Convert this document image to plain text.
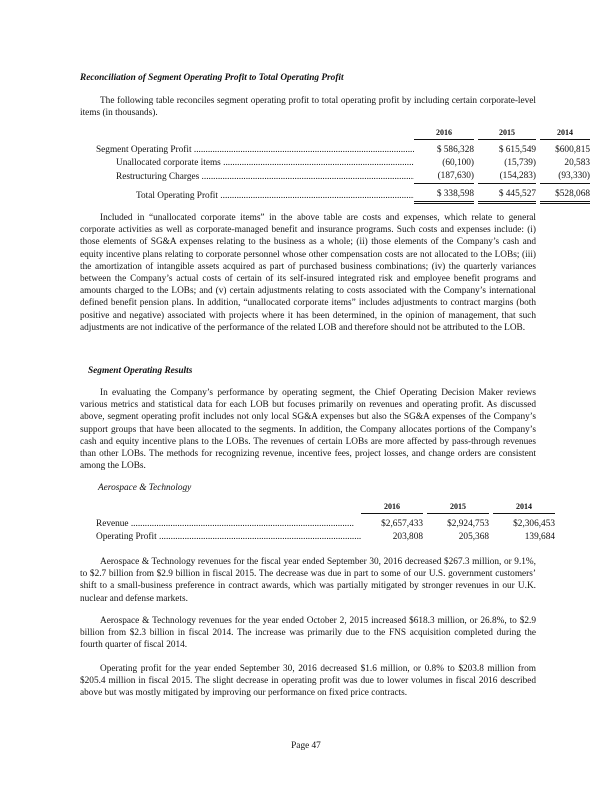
Reconciliation of Segment Operating Profit to Total Operating Profit

The following table reconciles segment operating profit to total operating profit by including certain corporate-level items (in thousands).

	2016		2015		2014

Segment Operating Profit .....	$ 586,328		$ 615,549		$600,815
Unallocated corporate items .....	(60,100)		(15,739)		20,583
Restructuring Charges .....	(187,630)		(154,283)		(93,330)

Total Operating Profit .....	$ 338,598		$ 445,527		$528,068

Included in “unallocated corporate items” in the above table are costs and expenses, which relate to general corporate activities as well as corporate-managed benefit and insurance programs. Such costs and expenses include: (i) those elements of SG&A expenses relating to the business as a whole; (ii) those elements of the Company’s cash and equity incentive plans relating to corporate personnel whose other compensation costs are not allocated to the LOBs; (iii) the amortization of intangible assets acquired as part of purchased business combinations; (iv) the quarterly variances between the Company’s actual costs of certain of its self-insured integrated risk and employee benefit programs and amounts charged to the LOBs; and (v) certain adjustments relating to costs associated with the Company’s international defined benefit pension plans. In addition, “unallocated corporate items” includes adjustments to contract margins (both positive and negative) associated with projects where it has been determined, in the opinion of management, that such adjustments are not indicative of the performance of the related LOB and therefore should not be attributed to the LOB.

Segment Operating Results

In evaluating the Company’s performance by operating segment, the Chief Operating Decision Maker reviews various metrics and statistical data for each LOB but focuses primarily on revenues and operating profit. As discussed above, segment operating profit includes not only local SG&A expenses but also the SG&A expenses of the Company’s support groups that have been allocated to the segments. In addition, the Company allocates portions of the Company’s cash and equity incentive plans to the LOBs. The revenues of certain LOBs are more affected by pass-through revenues than other LOBs. The methods for recognizing revenue, incentive fees, project losses, and change orders are consistent among the LOBs.

Aerospace & Technology
	2016		2015		2014

Revenue .....	$2,657,433		$2,924,753		$2,306,453
Operating Profit .....	203,808		205,368		139,684

Aerospace & Technology revenues for the fiscal year ended September 30, 2016 decreased $267.3 million, or 9.1%, to $2.7 billion from $2.9 billion in fiscal 2015. The decrease was due in part to some of our U.S. government customers’ shift to a small-business preference in contract awards, which was partially mitigated by stronger revenues in our U.K. nuclear and defense markets.

Aerospace & Technology revenues for the year ended October 2, 2015 increased $618.3 million, or 26.8%, to $2.9 billion from $2.3 billion in fiscal 2014. The increase was primarily due to the FNS acquisition completed during the fourth quarter of fiscal 2014.

Operating profit for the year ended September 30, 2016 decreased $1.6 million, or 0.8% to $203.8 million from $205.4 million in fiscal 2015. The slight decrease in operating profit was due to lower volumes in fiscal 2016 described above but was mostly mitigated by improving our performance on fixed price contracts.

Page 47
